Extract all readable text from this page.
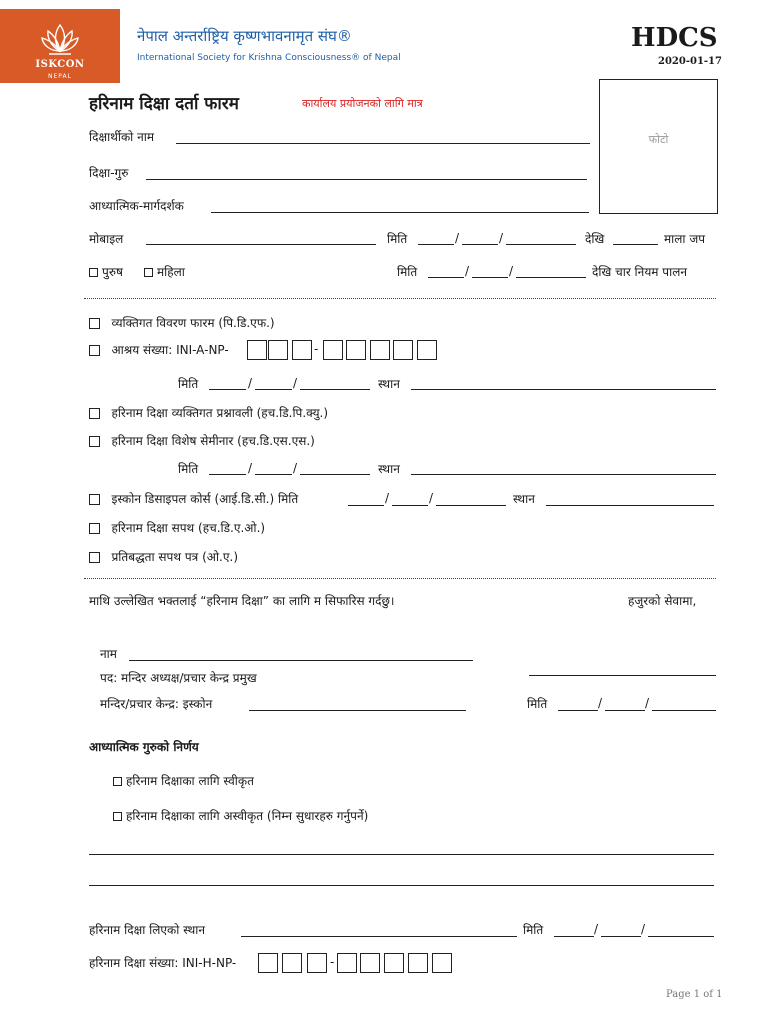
ISKCON
NEPAL
नेपाल अन्तर्राष्ट्रिय कृष्णभावनामृत संघ®
International Society for Krishna Consciousness® of Nepal
HDCS
2020-01-17
हरिनाम दिक्षा दर्ता फारम	कार्यालय प्रयोजनको लागि मात्र
फोटो
दिक्षार्थीको नाम
दिक्षा-गुरु
आध्यात्मिक-मार्गदर्शक
मोबाइल	मिति	/	/	देखि	माला जप
पुरुष	महिला	मिति	/	/	देखि चार नियम पालन
व्यक्तिगत विवरण फारम (पि.डि.एफ.)
आश्रय संख्या: INI-A-NP-	-
मिति	/	/	स्थान
हरिनाम दिक्षा व्यक्तिगत प्रश्नावली (हच.डि.पि.क्यु.)
हरिनाम दिक्षा विशेष सेमीनार (हच.डि.एस.एस.)
मिति	/	/	स्थान
इस्कोन डिसाइपल कोर्स (आई.डि.सी.) मिति	/	/	स्थान
हरिनाम दिक्षा सपथ (हच.डि.ए.ओ.)
प्रतिबद्धता सपथ पत्र (ओ.ए.)
माथि उल्लेखित भक्तलाई “हरिनाम दिक्षा” का लागि म सिफारिस गर्दछु।	हजुरको सेवामा,
नाम
पद: मन्दिर अध्यक्ष/प्रचार केन्द्र प्रमुख
मन्दिर/प्रचार केन्द्र: इस्कोन	मिति	/	/
आध्यात्मिक गुरुको निर्णय
हरिनाम दिक्षाका लागि स्वीकृत
हरिनाम दिक्षाका लागि अस्वीकृत (निम्न सुधारहरु गर्नुपर्ने)
हरिनाम दिक्षा लिएको स्थान	मिति	/	/
हरिनाम दिक्षा संख्या: INI-H-NP-	-
Page 1 of 1
